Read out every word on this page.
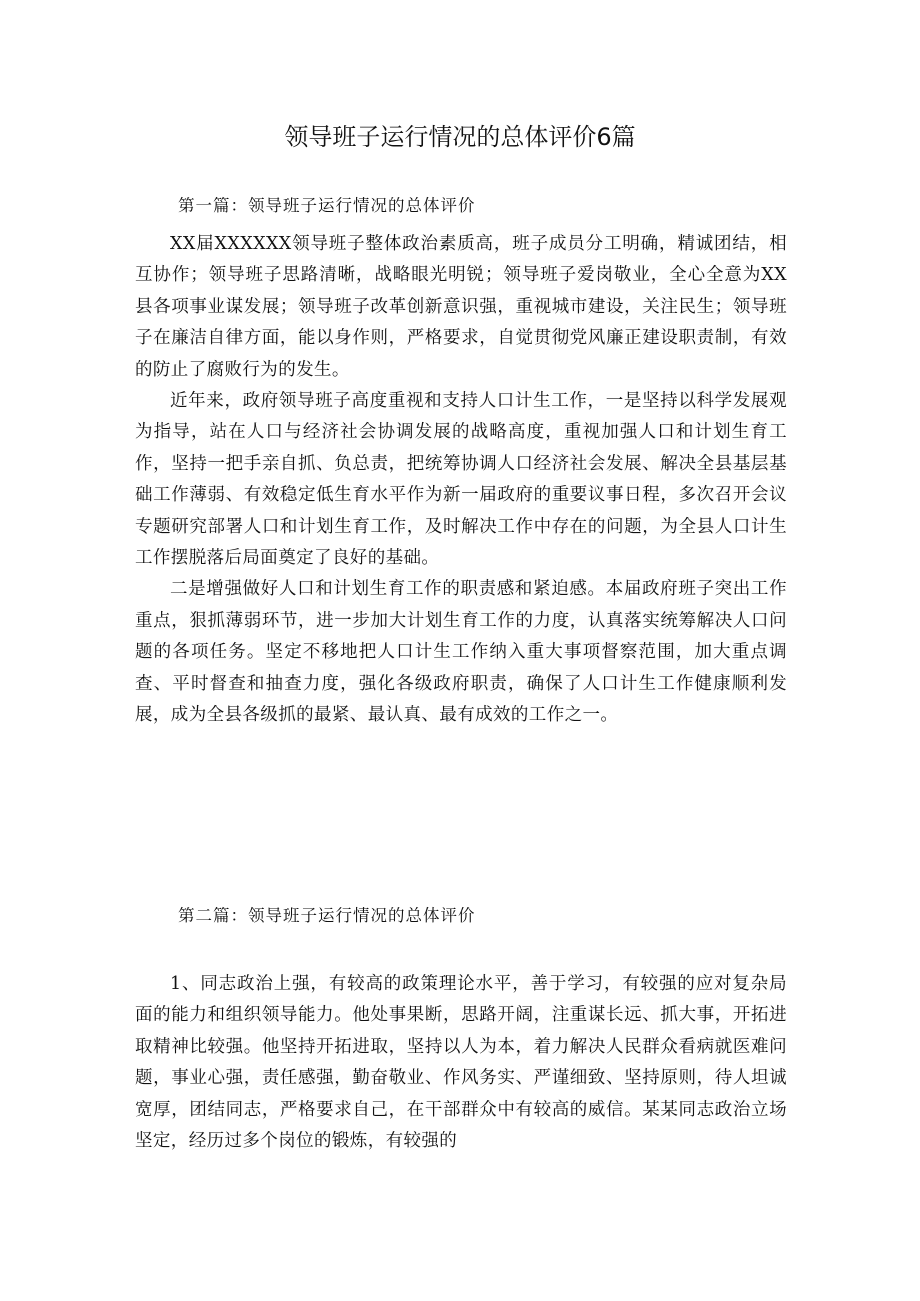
领导班子运行情况的总体评价6篇
第一篇：领导班子运行情况的总体评价

XX届XXXXXX领导班子整体政治素质高，班子成员分工明确，精诚团结，相互协作；领导班子思路清晰，战略眼光明锐；领导班子爱岗敬业，全心全意为XX县各项事业谋发展；领导班子改革创新意识强，重视城市建设，关注民生；领导班子在廉洁自律方面，能以身作则，严格要求，自觉贯彻党风廉正建设职责制，有效的防止了腐败行为的发生。

近年来，政府领导班子高度重视和支持人口计生工作，一是坚持以科学发展观为指导，站在人口与经济社会协调发展的战略高度，重视加强人口和计划生育工作，坚持一把手亲自抓、负总责，把统筹协调人口经济社会发展、解决全县基层基础工作薄弱、有效稳定低生育水平作为新一届政府的重要议事日程，多次召开会议专题研究部署人口和计划生育工作，及时解决工作中存在的问题，为全县人口计生工作摆脱落后局面奠定了良好的基础。

二是增强做好人口和计划生育工作的职责感和紧迫感。本届政府班子突出工作重点，狠抓薄弱环节，进一步加大计划生育工作的力度，认真落实统筹解决人口问题的各项任务。坚定不移地把人口计生工作纳入重大事项督察范围，加大重点调查、平时督查和抽查力度，强化各级政府职责，确保了人口计生工作健康顺利发展，成为全县各级抓的最紧、最认真、最有成效的工作之一。

第二篇：领导班子运行情况的总体评价

1、同志政治上强，有较高的政策理论水平，善于学习，有较强的应对复杂局面的能力和组织领导能力。他处事果断，思路开阔，注重谋长远、抓大事，开拓进取精神比较强。他坚持开拓进取，坚持以人为本，着力解决人民群众看病就医难问题，事业心强，责任感强，勤奋敬业、作风务实、严谨细致、坚持原则，待人坦诚宽厚，团结同志，严格要求自己，在干部群众中有较高的威信。某某同志政治立场坚定，经历过多个岗位的锻炼，有较强的
